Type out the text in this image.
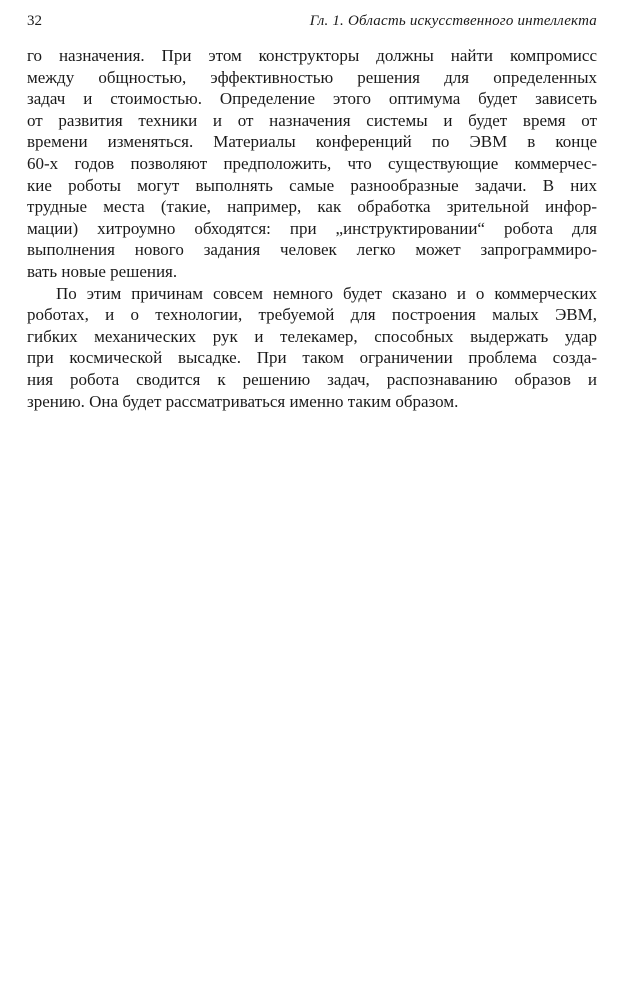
32	Гл. 1. Область искусственного интеллекта
го назначения. При этом конструкторы должны найти компромисс
между общностью, эффективностью решения для определенных
задач и стоимостью. Определение этого оптимума будет зависеть
от развития техники и от назначения системы и будет время от
времени изменяться. Материалы конференций по ЭВМ в конце
60-х годов позволяют предположить, что существующие коммерчес-
кие роботы могут выполнять самые разнообразные задачи. В них
трудные места (такие, например, как обработка зрительной инфор-
мации) хитроумно обходятся: при „инструктировании“ робота для
выполнения нового задания человек легко может запрограммиро-
вать новые решения.
По этим причинам совсем немного будет сказано и о коммерческих
роботах, и о технологии, требуемой для построения малых ЭВМ,
гибких механических рук и телекамер, способных выдержать удар
при космической высадке. При таком ограничении проблема созда-
ния робота сводится к решению задач, распознаванию образов и
зрению. Она будет рассматриваться именно таким образом.
